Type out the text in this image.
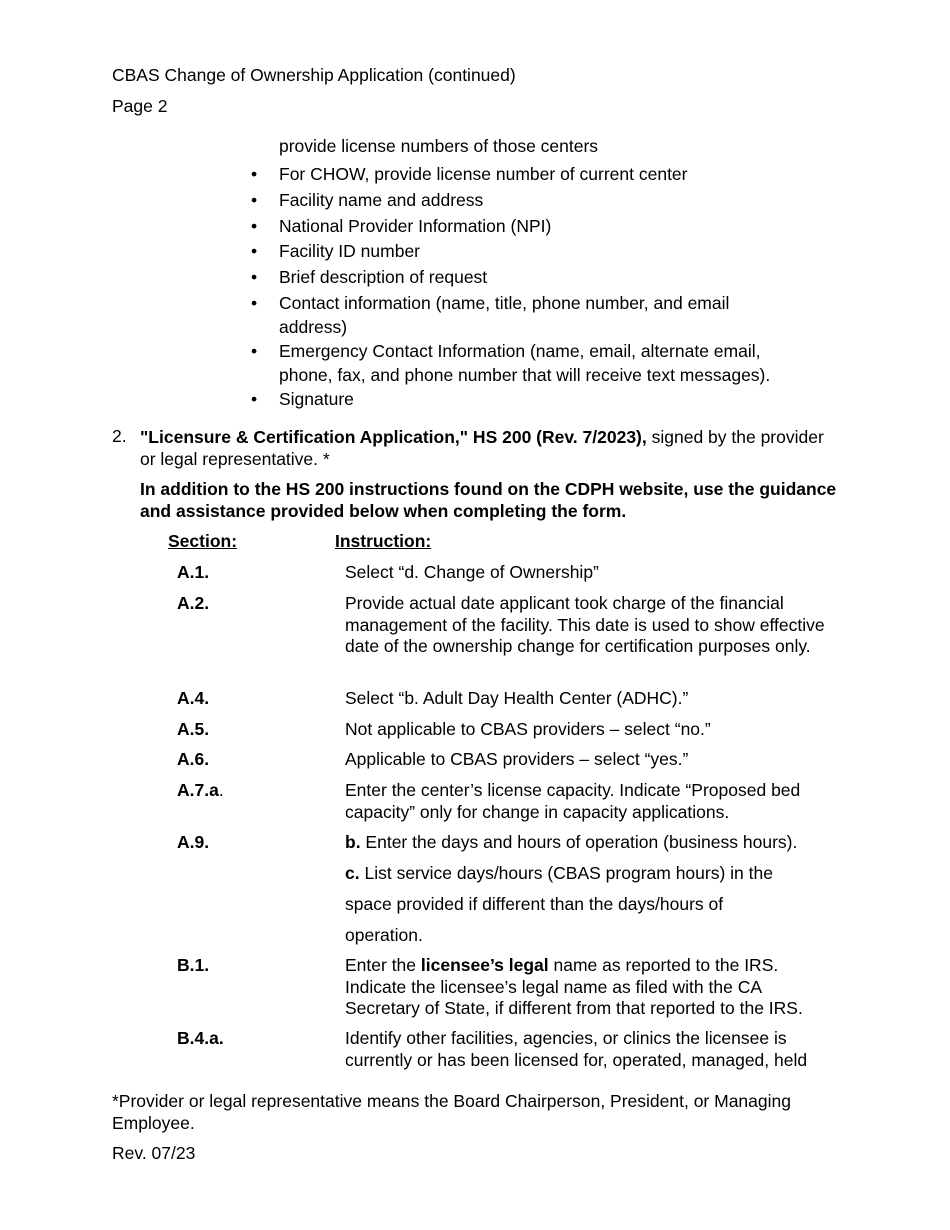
CBAS Change of Ownership Application (continued)
Page 2
provide license numbers of those centers
• For CHOW, provide license number of current center
• Facility name and address
• National Provider Information (NPI)
• Facility ID number
• Brief description of request
• Contact information (name, title, phone number, and email
address)
• Emergency Contact Information (name, email, alternate email,
phone, fax, and phone number that will receive text messages).
• Signature
2. "Licensure & Certification Application," HS 200 (Rev. 7/2023), signed by the provider or legal representative. *
In addition to the HS 200 instructions found on the CDPH website, use the guidance and assistance provided below when completing the form.
Section:	Instruction:
A.1.	Select “d. Change of Ownership”
A.2.	Provide actual date applicant took charge of the financial management of the facility. This date is used to show effective date of the ownership change for certification purposes only.
A.4.	Select “b. Adult Day Health Center (ADHC).”
A.5.	Not applicable to CBAS providers – select “no.”
A.6.	Applicable to CBAS providers – select “yes.”
A.7.a.	Enter the center’s license capacity. Indicate “Proposed bed capacity” only for change in capacity applications.
A.9.	b. Enter the days and hours of operation (business hours).
c. List service days/hours (CBAS program hours) in the
space provided if different than the days/hours of
operation.
B.1.	Enter the licensee’s legal name as reported to the IRS. Indicate the licensee’s legal name as filed with the CA Secretary of State, if different from that reported to the IRS.
B.4.a.	Identify other facilities, agencies, or clinics the licensee is
currently or has been licensed for, operated, managed, held
*Provider or legal representative means the Board Chairperson, President, or Managing Employee.
Rev. 07/23
